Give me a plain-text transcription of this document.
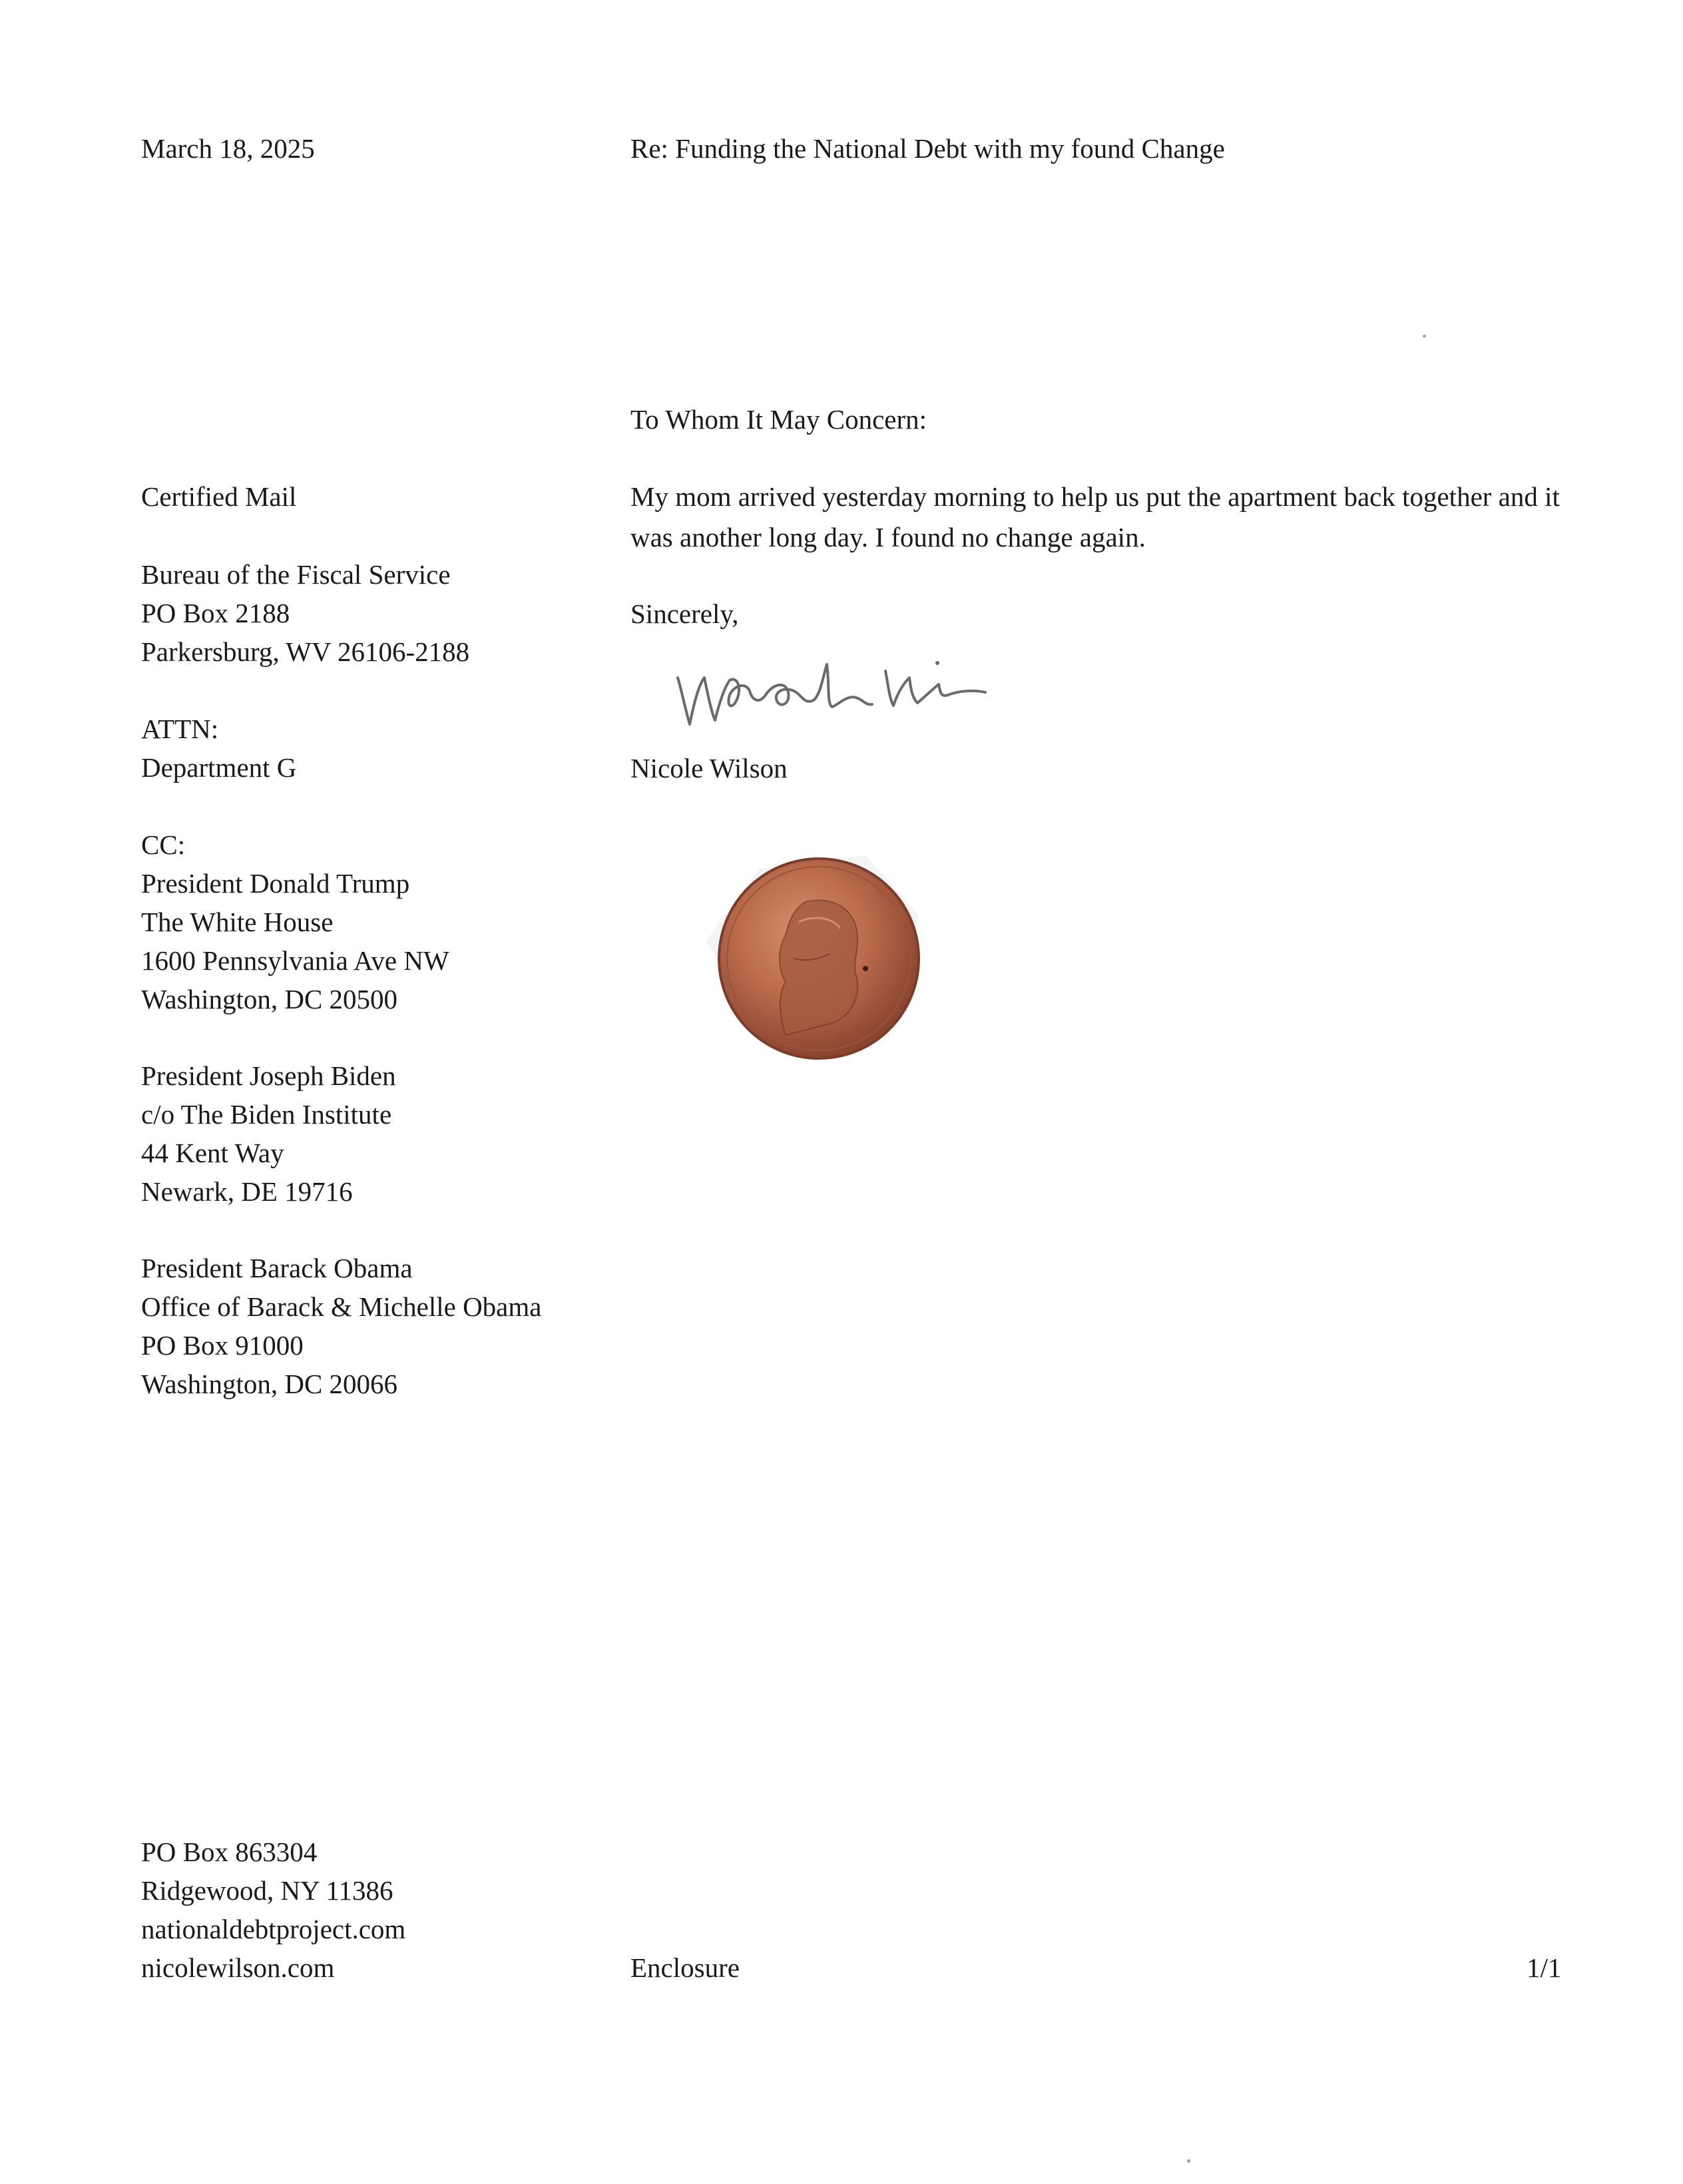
March 18, 2025	Re: Funding the National Debt with my found Change

To Whom It May Concern:

Certified Mail

Bureau of the Fiscal Service
PO Box 2188
Parkersburg, WV 26106-2188
ATTN:
Department G
CC:
President Donald Trump
The White House
1600 Pennsylvania Ave NW
Washington, DC 20500
President Joseph Biden
c/o The Biden Institute
44 Kent Way
Newark, DE 19716
President Barack Obama
Office of Barack & Michelle Obama
PO Box 91000
Washington, DC 20066

My mom arrived yesterday morning to help us put the apartment back together and it was another long day. I found no change again.

Sincerely,

Nicole Wilson

PO Box 863304
Ridgewood, NY 11386
nationaldebtproject.com
nicolewilson.com	Enclosure	1/1
